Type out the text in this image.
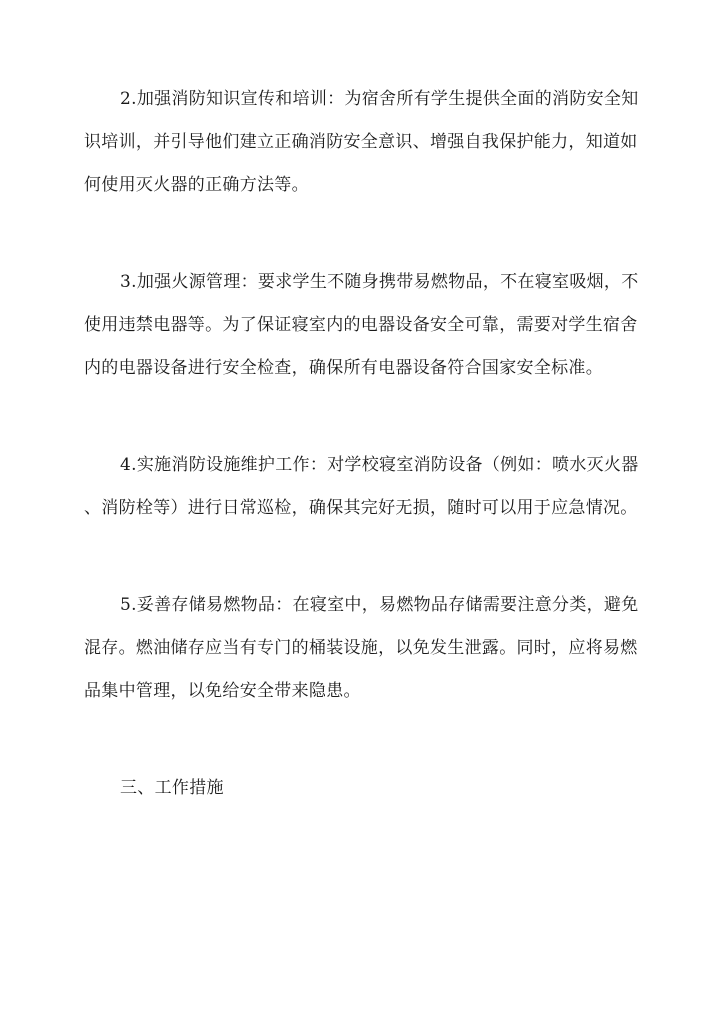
2.加强消防知识宣传和培训：为宿舍所有学生提供全面的消防安全知
识培训，并引导他们建立正确消防安全意识、增强自我保护能力，知道如
何使用灭火器的正确方法等。
3.加强火源管理：要求学生不随身携带易燃物品，不在寝室吸烟，不
使用违禁电器等。为了保证寝室内的电器设备安全可靠，需要对学生宿舍
内的电器设备进行安全检查，确保所有电器设备符合国家安全标准。
4.实施消防设施维护工作：对学校寝室消防设备（例如：喷水灭火器
、消防栓等）进行日常巡检，确保其完好无损，随时可以用于应急情况。
5.妥善存储易燃物品：在寝室中，易燃物品存储需要注意分类，避免
混存。燃油储存应当有专门的桶装设施，以免发生泄露。同时，应将易燃
品集中管理，以免给安全带来隐患。
三、工作措施
